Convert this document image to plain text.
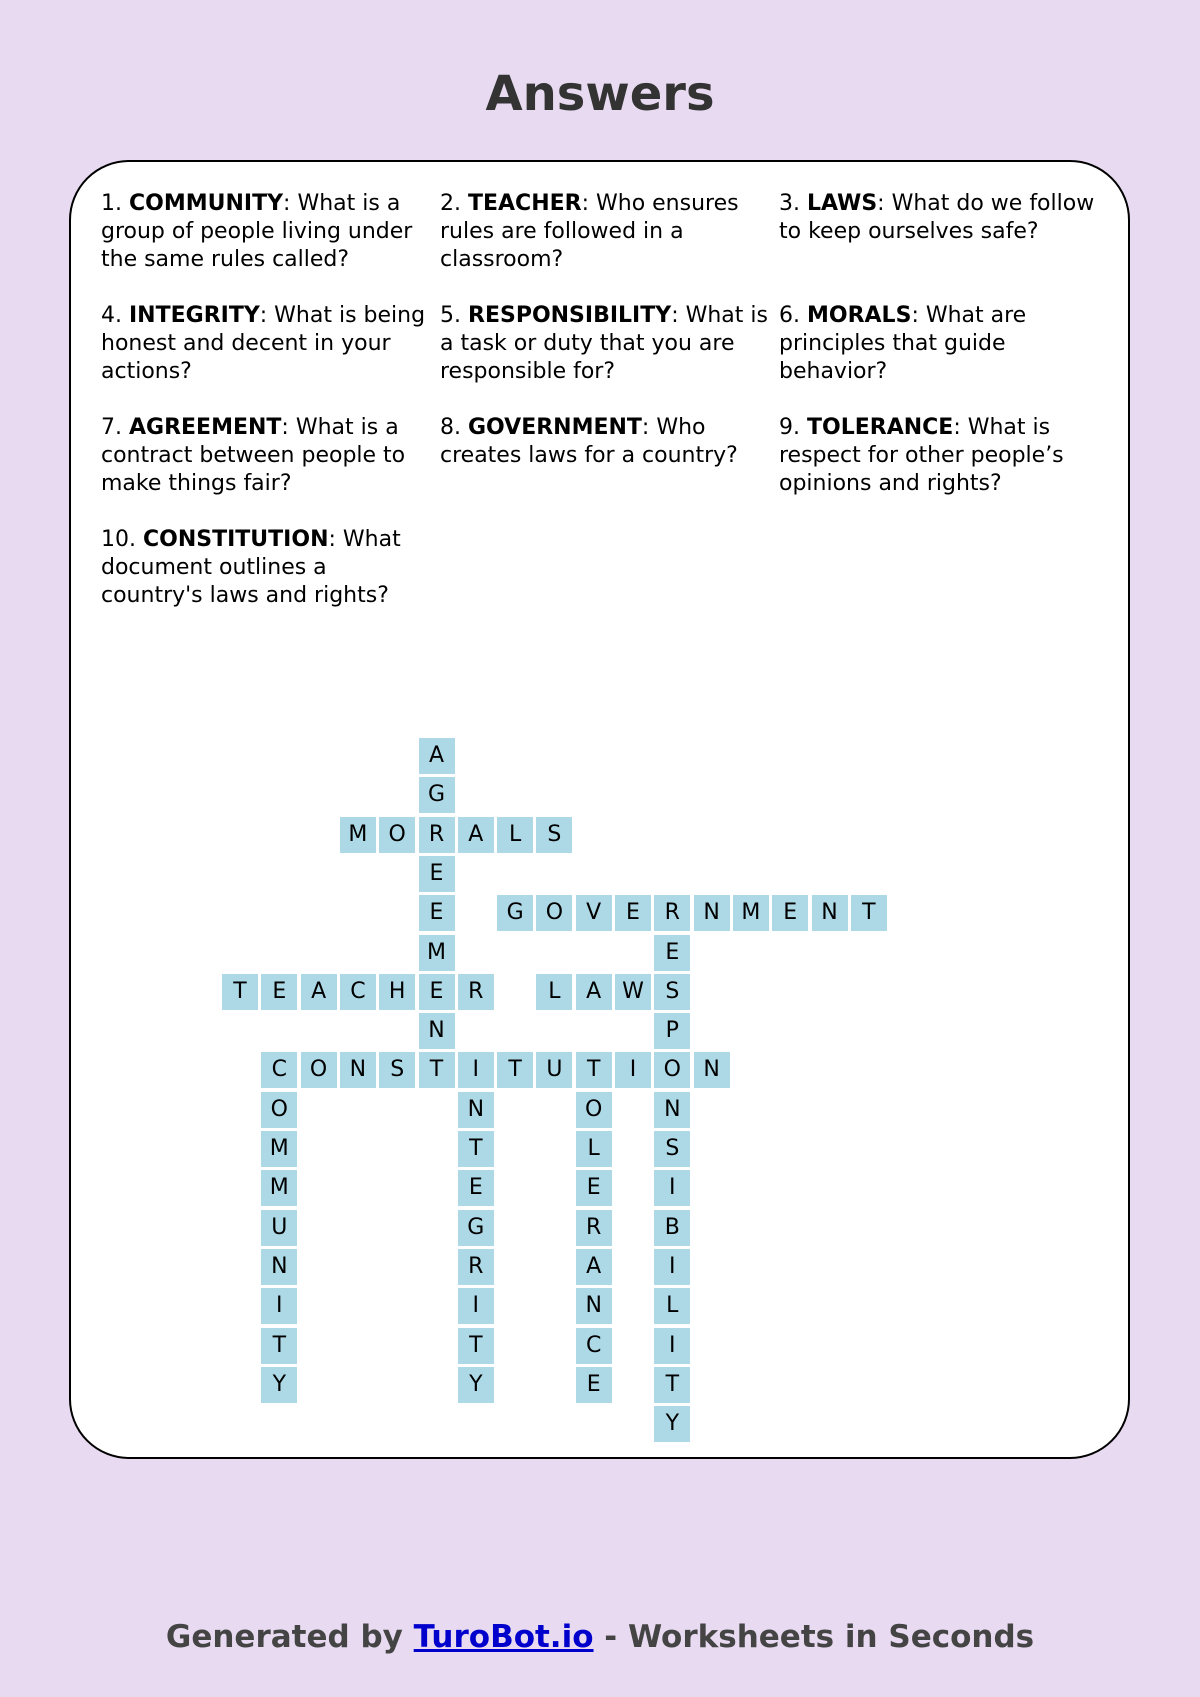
Answers
1. COMMUNITY: What is a group of people living under the same rules called?
2. TEACHER: Who ensures rules are followed in a classroom?
3. LAWS: What do we follow to keep ourselves safe?
4. INTEGRITY: What is being honest and decent in your actions?
5. RESPONSIBILITY: What is a task or duty that you are responsible for?
6. MORALS: What are principles that guide behavior?
7. AGREEMENT: What is a contract between people to make things fair?
8. GOVERNMENT: Who creates laws for a country?
9. TOLERANCE: What is respect for other people’s opinions and rights?
10. CONSTITUTION: What document outlines a country's laws and rights?
A
G
R
E
E
M
E
N
T
M O	A	L	S
G	O	V	E	R	N M	E	N	T
E
S
P
O
N
S
I
B
I
L
I
T
Y
T	E	A	C	H	R	L	A W
C	O	N	S	I	T	U	T	I	N
O
M
M
U
N
I
T
Y
N
T
E
G
R
I
T
Y
O
L
E
R
A
N
C
E
Generated by TuroBot.io - Worksheets in Seconds
